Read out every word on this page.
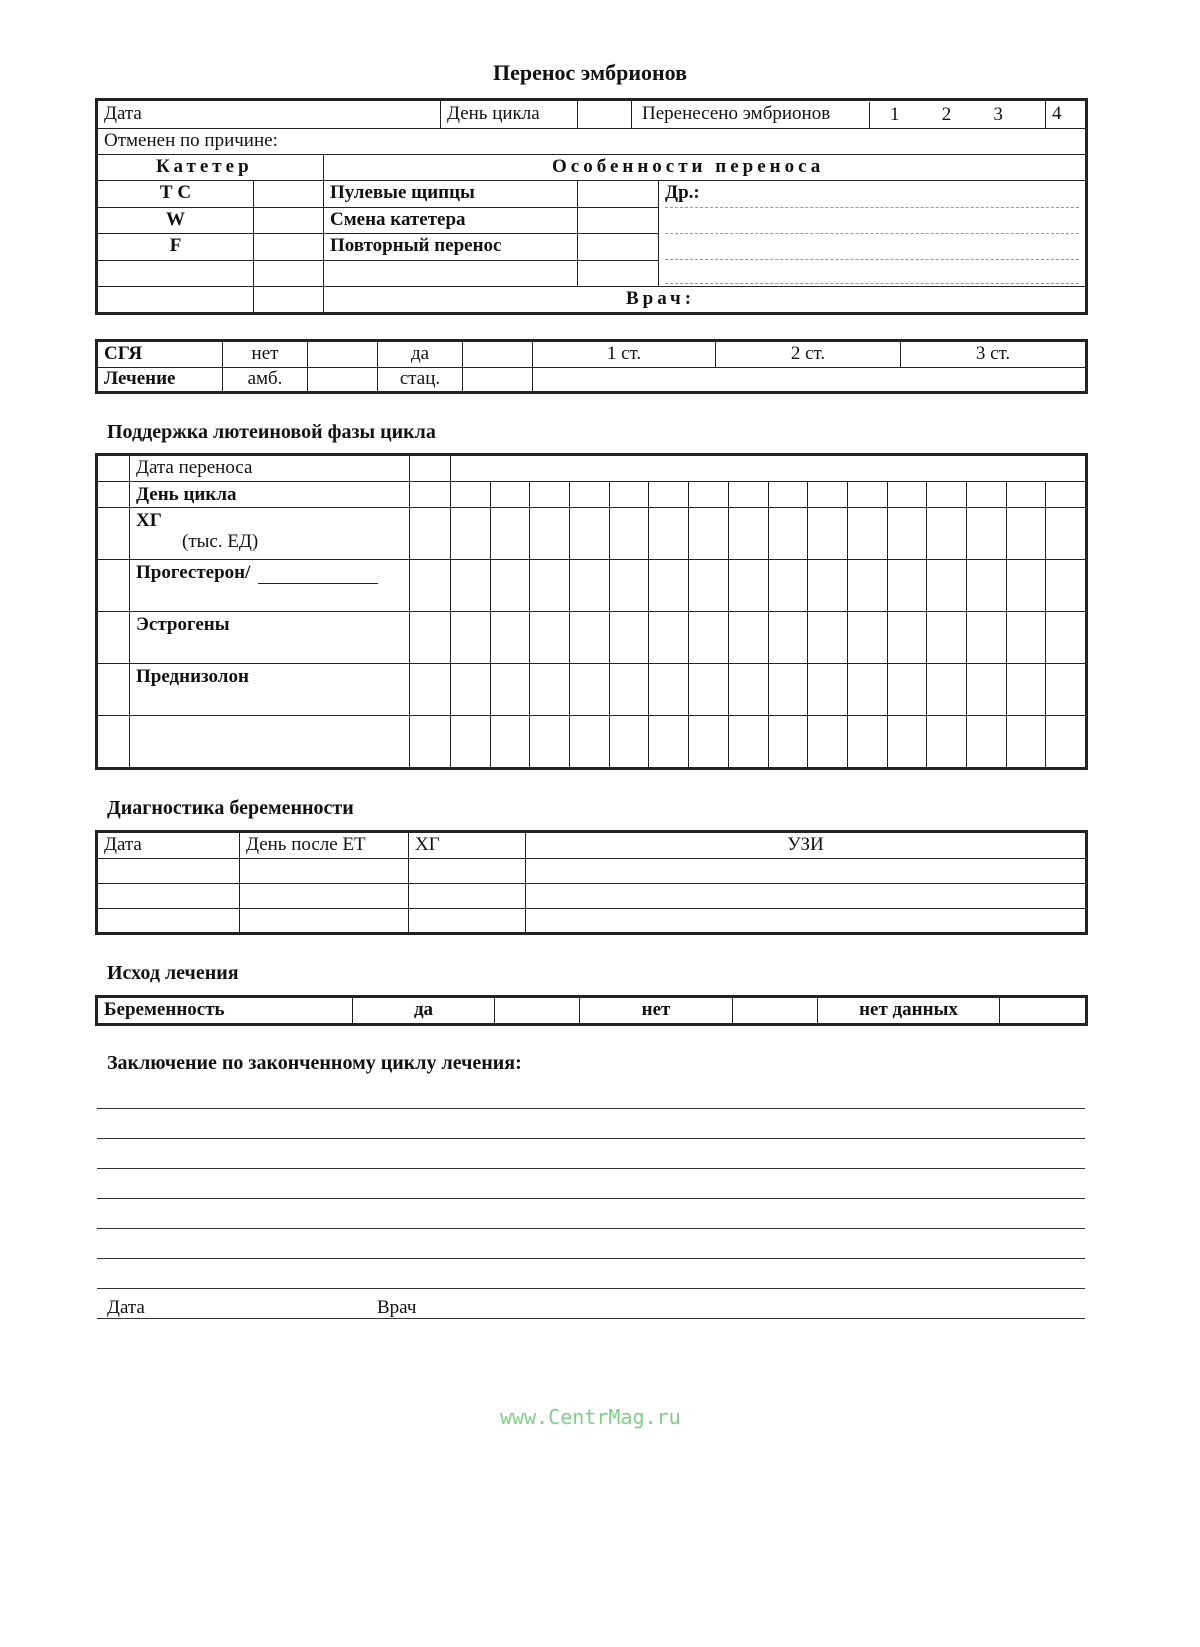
Перенос эмбрионов
Дата			День цикла		Перенесено эмбрионов 1 2 3		4
Отменен по причине:							
Катетер		Особенности переноса					
Т С		Пулевые щипцы				Др.:	

W		Смена катетера					
F		Повторный перенос					

		Врач:					
СГЯ	нет		да		1 ст.	2 ст.	3 ст.
Лечение	амб.		стац.				
Поддержка лютеиновой фазы цикла
	Дата переноса																	
	День цикла																	
	ХГ
(тыс. ЕД)																	

	Прогестерон/																	
	Эстрогены																	
	Преднизолон																	

Диагностика беременности
Дата	День после ЕТ	ХГ	УЗИ

Исход лечения
Беременность	да		нет		нет данных	
Заключение по законченному циклу лечения:
Дата	Врач
www.CentrMag.ru
